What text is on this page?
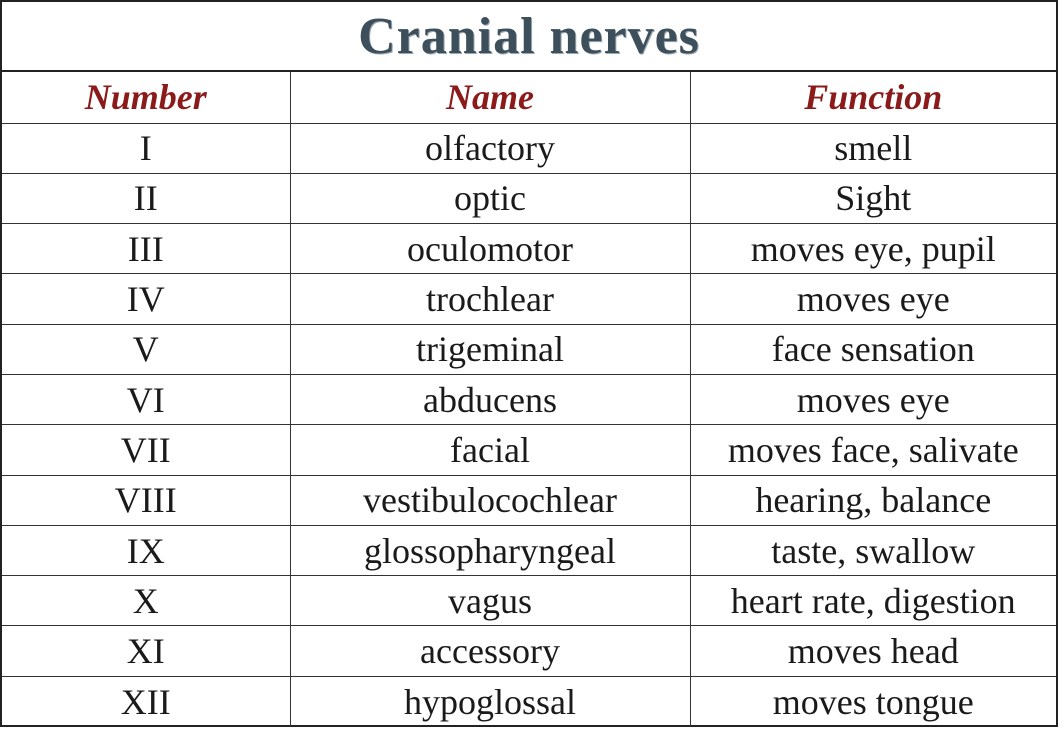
Cranial nerves
Number	Name	Function
I	olfactory	smell
II	optic	Sight
III	oculomotor	moves eye, pupil
IV	trochlear	moves eye
V	trigeminal	face sensation
VI	abducens	moves eye
VII	facial	moves face, salivate
VIII	vestibulocochlear	hearing, balance
IX	glossopharyngeal	taste, swallow
X	vagus	heart rate, digestion
XI	accessory	moves head
XII	hypoglossal	moves tongue
